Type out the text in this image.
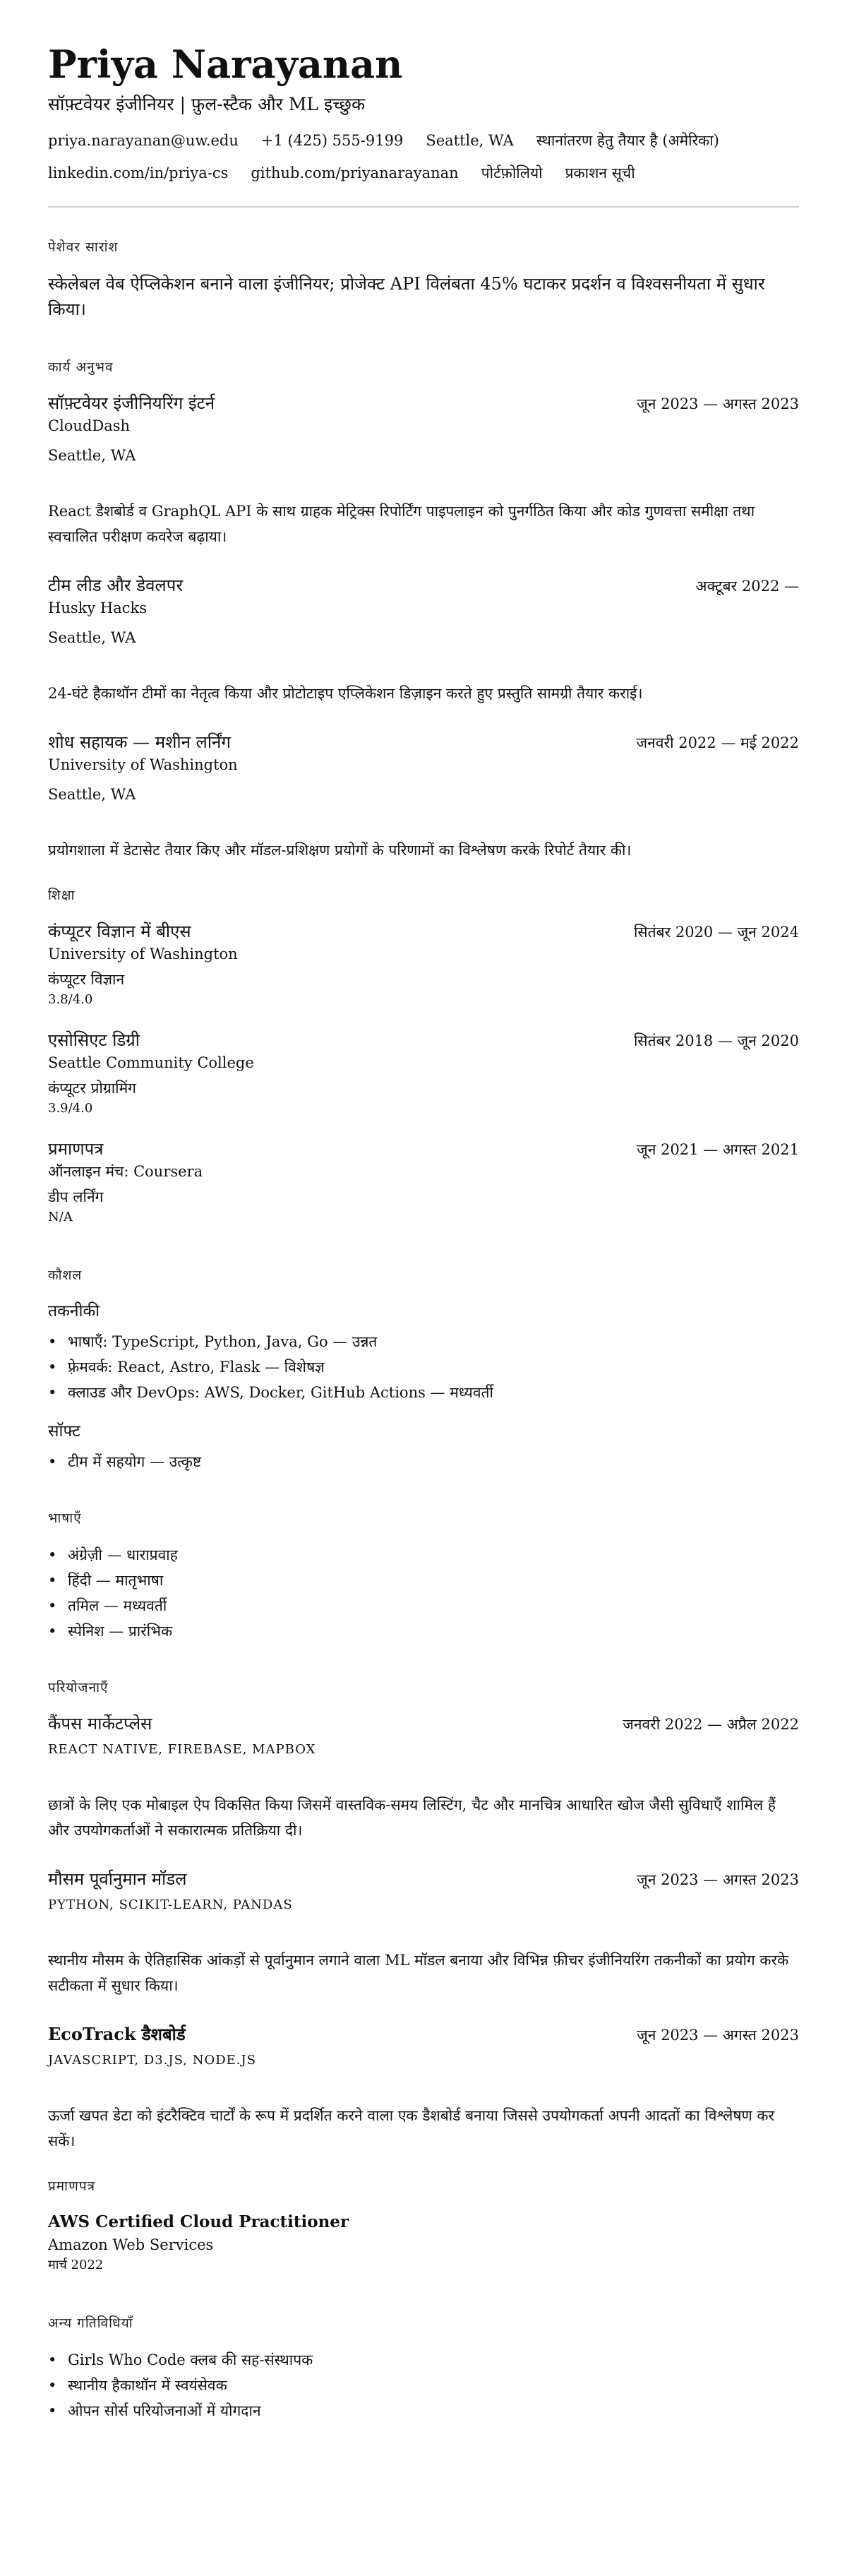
Priya Narayanan
सॉफ़्टवेयर इंजीनियर | फ़ुल-स्टैक और ML इच्छुक
priya.narayanan@uw.edu +1 (425) 555-9199 Seattle, WA स्थानांतरण हेतु तैयार है (अमेरिका)
linkedin.com/in/priya-cs github.com/priyanarayanan पोर्टफ़ोलियो प्रकाशन सूची
पेशेवर सारांश
स्केलेबल वेब ऐप्लिकेशन बनाने वाला इंजीनियर; प्रोजेक्ट API विलंबता 45% घटाकर प्रदर्शन व विश्वसनीयता में सुधार किया।
कार्य अनुभव
सॉफ़्टवेयर इंजीनियरिंग इंटर्न	जून 2023 — अगस्त 2023
CloudDash
Seattle, WA
React डैशबोर्ड व GraphQL API के साथ ग्राहक मेट्रिक्स रिपोर्टिंग पाइपलाइन को पुनर्गठित किया और कोड गुणवत्ता समीक्षा तथा स्वचालित परीक्षण कवरेज बढ़ाया।
टीम लीड और डेवलपर	अक्टूबर 2022 —
Husky Hacks
Seattle, WA
24-घंटे हैकाथॉन टीमों का नेतृत्व किया और प्रोटोटाइप एप्लिकेशन डिज़ाइन करते हुए प्रस्तुति सामग्री तैयार कराई।
शोध सहायक — मशीन लर्निंग	जनवरी 2022 — मई 2022
University of Washington
Seattle, WA
प्रयोगशाला में डेटासेट तैयार किए और मॉडल-प्रशिक्षण प्रयोगों के परिणामों का विश्लेषण करके रिपोर्ट तैयार की।
शिक्षा
कंप्यूटर विज्ञान में बीएस	सितंबर 2020 — जून 2024
University of Washington
कंप्यूटर विज्ञान
3.8/4.0
एसोसिएट डिग्री	सितंबर 2018 — जून 2020
Seattle Community College
कंप्यूटर प्रोग्रामिंग
3.9/4.0
प्रमाणपत्र	जून 2021 — अगस्त 2021
ऑनलाइन मंच: Coursera
डीप लर्निंग
N/A
कौशल
तकनीकी
• भाषाएँ: TypeScript, Python, Java, Go — उन्नत
• फ़्रेमवर्क: React, Astro, Flask — विशेषज्ञ
• क्लाउड और DevOps: AWS, Docker, GitHub Actions — मध्यवर्ती
सॉफ्ट
• टीम में सहयोग — उत्कृष्ट
भाषाएँ
• अंग्रेज़ी — धाराप्रवाह
• हिंदी — मातृभाषा
• तमिल — मध्यवर्ती
• स्पेनिश — प्रारंभिक
परियोजनाएँ
कैंपस मार्केटप्लेस	जनवरी 2022 — अप्रैल 2022
REACT NATIVE, FIREBASE, MAPBOX
छात्रों के लिए एक मोबाइल ऐप विकसित किया जिसमें वास्तविक-समय लिस्टिंग, चैट और मानचित्र आधारित खोज जैसी सुविधाएँ शामिल हैं और उपयोगकर्ताओं ने सकारात्मक प्रतिक्रिया दी।
मौसम पूर्वानुमान मॉडल	जून 2023 — अगस्त 2023
PYTHON, SCIKIT-LEARN, PANDAS
स्थानीय मौसम के ऐतिहासिक आंकड़ों से पूर्वानुमान लगाने वाला ML मॉडल बनाया और विभिन्न फ़ीचर इंजीनियरिंग तकनीकों का प्रयोग करके सटीकता में सुधार किया।
EcoTrack डैशबोर्ड	जून 2023 — अगस्त 2023
JAVASCRIPT, D3.JS, NODE.JS
ऊर्जा खपत डेटा को इंटरैक्टिव चार्टों के रूप में प्रदर्शित करने वाला एक डैशबोर्ड बनाया जिससे उपयोगकर्ता अपनी आदतों का विश्लेषण कर सकें।
प्रमाणपत्र
AWS Certified Cloud Practitioner
Amazon Web Services
मार्च 2022
अन्य गतिविधियाँ
• Girls Who Code क्लब की सह-संस्थापक
• स्थानीय हैकाथॉन में स्वयंसेवक
• ओपन सोर्स परियोजनाओं में योगदान
